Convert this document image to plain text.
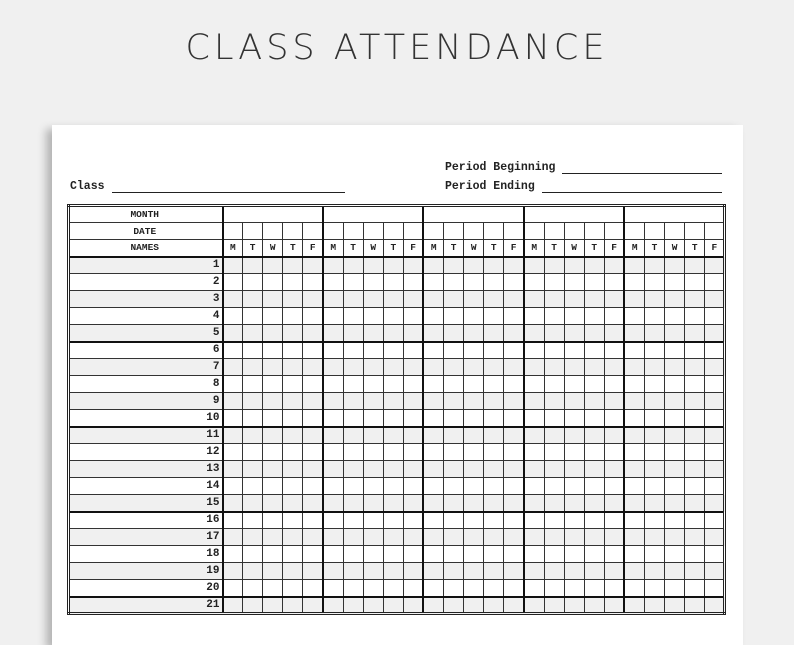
CLASS ATTENDANCE
Period Beginning
Period Ending
Class
MONTH																									
DATE																									
NAMES	M	T	W	T	F	M	T	W	T	F	M	T	W	T	F	M	T	W	T	F	M	T	W	T	F
1																									
2																									
3																									
4																									
5																									
6																									
7																									
8																									
9																									
10																									
11																									
12																									
13																									
14																									
15																									
16																									
17																									
18																									
19																									
20																									
21																									
